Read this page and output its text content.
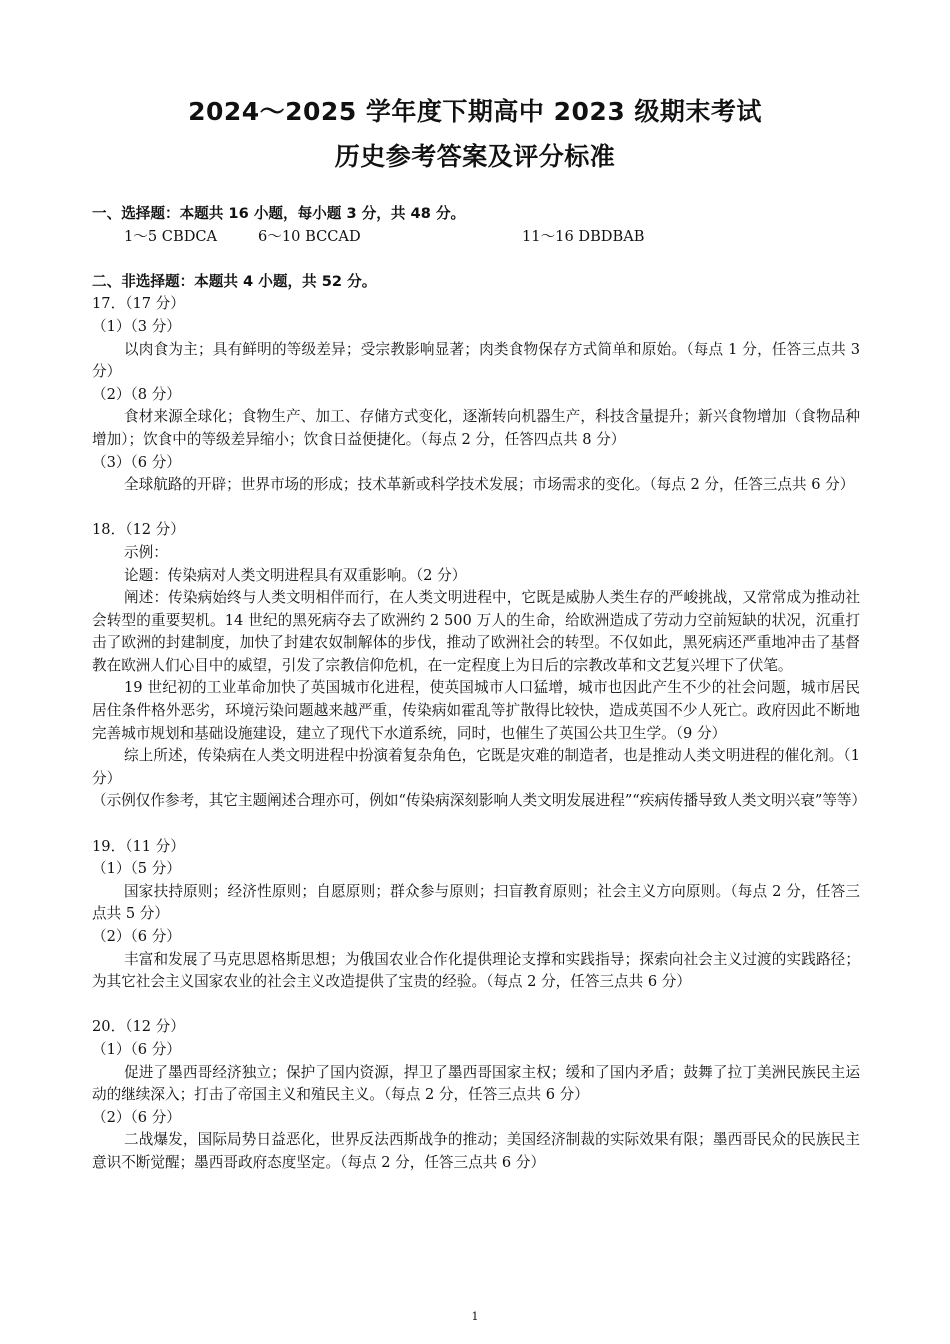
2024～2025 学年度下期高中 2023 级期末考试
历史参考答案及评分标准
一、选择题：本题共 16 小题，每小题 3 分，共 48 分。
1～5 CBDCA	6～10 BCCAD	11～16 DBDBAB
二、非选择题：本题共 4 小题，共 52 分。
17．（17 分）
（1）（3 分）
以肉食为主；具有鲜明的等级差异；受宗教影响显著；肉类食物保存方式简单和原始。（每点 1 分，任答三点共 3 分）
（2）（8 分）
食材来源全球化；食物生产、加工、存储方式变化，逐渐转向机器生产，科技含量提升；新兴食物增加（食物品种增加）；饮食中的等级差异缩小；饮食日益便捷化。（每点 2 分，任答四点共 8 分）
（3）（6 分）
全球航路的开辟；世界市场的形成；技术革新或科学技术发展；市场需求的变化。（每点 2 分，任答三点共 6 分）
18．（12 分）
示例：
论题：传染病对人类文明进程具有双重影响。（2 分）
阐述：传染病始终与人类文明相伴而行，在人类文明进程中，它既是威胁人类生存的严峻挑战，又常常成为推动社会转型的重要契机。14 世纪的黑死病夺去了欧洲约 2 500 万人的生命，给欧洲造成了劳动力空前短缺的状况，沉重打击了欧洲的封建制度，加快了封建农奴制解体的步伐，推动了欧洲社会的转型。不仅如此，黑死病还严重地冲击了基督教在欧洲人们心目中的威望，引发了宗教信仰危机，在一定程度上为日后的宗教改革和文艺复兴埋下了伏笔。
19 世纪初的工业革命加快了英国城市化进程，使英国城市人口猛增，城市也因此产生不少的社会问题，城市居民居住条件格外恶劣，环境污染问题越来越严重，传染病如霍乱等扩散得比较快，造成英国不少人死亡。政府因此不断地完善城市规划和基础设施建设，建立了现代下水道系统，同时，也催生了英国公共卫生学。（9 分）
综上所述，传染病在人类文明进程中扮演着复杂角色，它既是灾难的制造者，也是推动人类文明进程的催化剂。（1 分）
（示例仅作参考，其它主题阐述合理亦可，例如“传染病深刻影响人类文明发展进程”“疾病传播导致人类文明兴衰”等等）
19．（11 分）
（1）（5 分）
国家扶持原则；经济性原则；自愿原则；群众参与原则；扫盲教育原则；社会主义方向原则。（每点 2 分，任答三点共 5 分）
（2）（6 分）
丰富和发展了马克思恩格斯思想；为俄国农业合作化提供理论支撑和实践指导；探索向社会主义过渡的实践路径；为其它社会主义国家农业的社会主义改造提供了宝贵的经验。（每点 2 分，任答三点共 6 分）
20．（12 分）
（1）（6 分）
促进了墨西哥经济独立；保护了国内资源，捍卫了墨西哥国家主权；缓和了国内矛盾；鼓舞了拉丁美洲民族民主运动的继续深入；打击了帝国主义和殖民主义。（每点 2 分，任答三点共 6 分）
（2）（6 分）
二战爆发，国际局势日益恶化，世界反法西斯战争的推动；美国经济制裁的实际效果有限；墨西哥民众的民族民主意识不断觉醒；墨西哥政府态度坚定。（每点 2 分，任答三点共 6 分）
1
